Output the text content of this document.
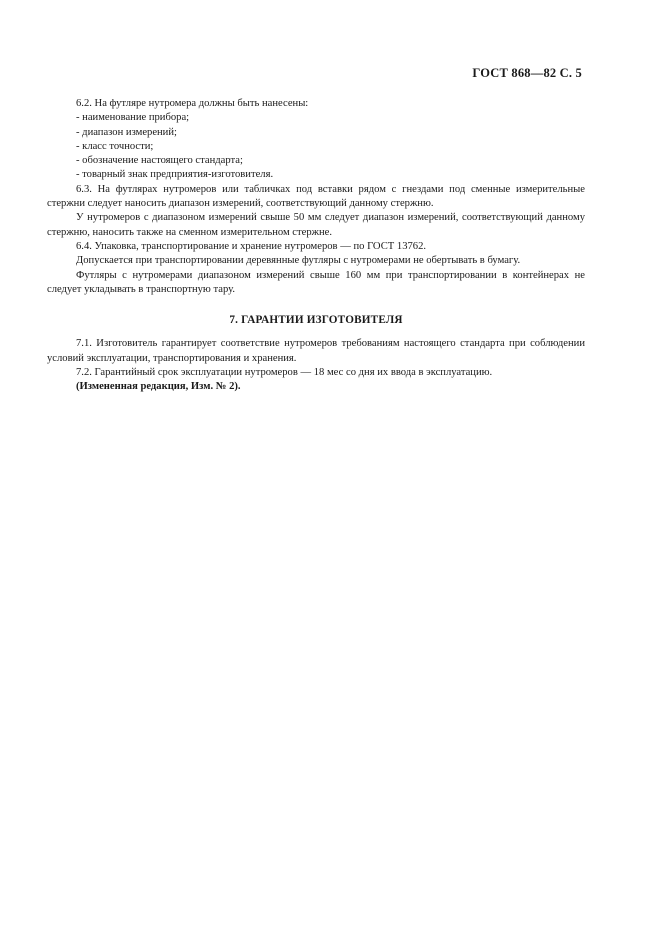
ГОСТ 868—82 С. 5

6.2. На футляре нутромера должны быть нанесены:

- наименование прибора;

- диапазон измерений;

- класс точности;

- обозначение настоящего стандарта;

- товарный знак предприятия-изготовителя.

6.3. На футлярах нутромеров или табличках под вставки рядом с гнездами под сменные измерительные стержни следует наносить диапазон измерений, соответствующий данному стержню.

У нутромеров с диапазоном измерений свыше 50 мм следует диапазон измерений, соответствующий данному стержню, наносить также на сменном измерительном стержне.

6.4. Упаковка, транспортирование и хранение нутромеров — по ГОСТ 13762.

Допускается при транспортировании деревянные футляры с нутромерами не обертывать в бумагу.

Футляры с нутромерами диапазоном измерений свыше 160 мм при транспортировании в контейнерах не следует укладывать в транспортную тару.

7. ГАРАНТИИ ИЗГОТОВИТЕЛЯ

7.1. Изготовитель гарантирует соответствие нутромеров требованиям настоящего стандарта при соблюдении условий эксплуатации, транспортирования и хранения.

7.2. Гарантийный срок эксплуатации нутромеров — 18 мес со дня их ввода в эксплуатацию.

(Измененная редакция, Изм. № 2).
